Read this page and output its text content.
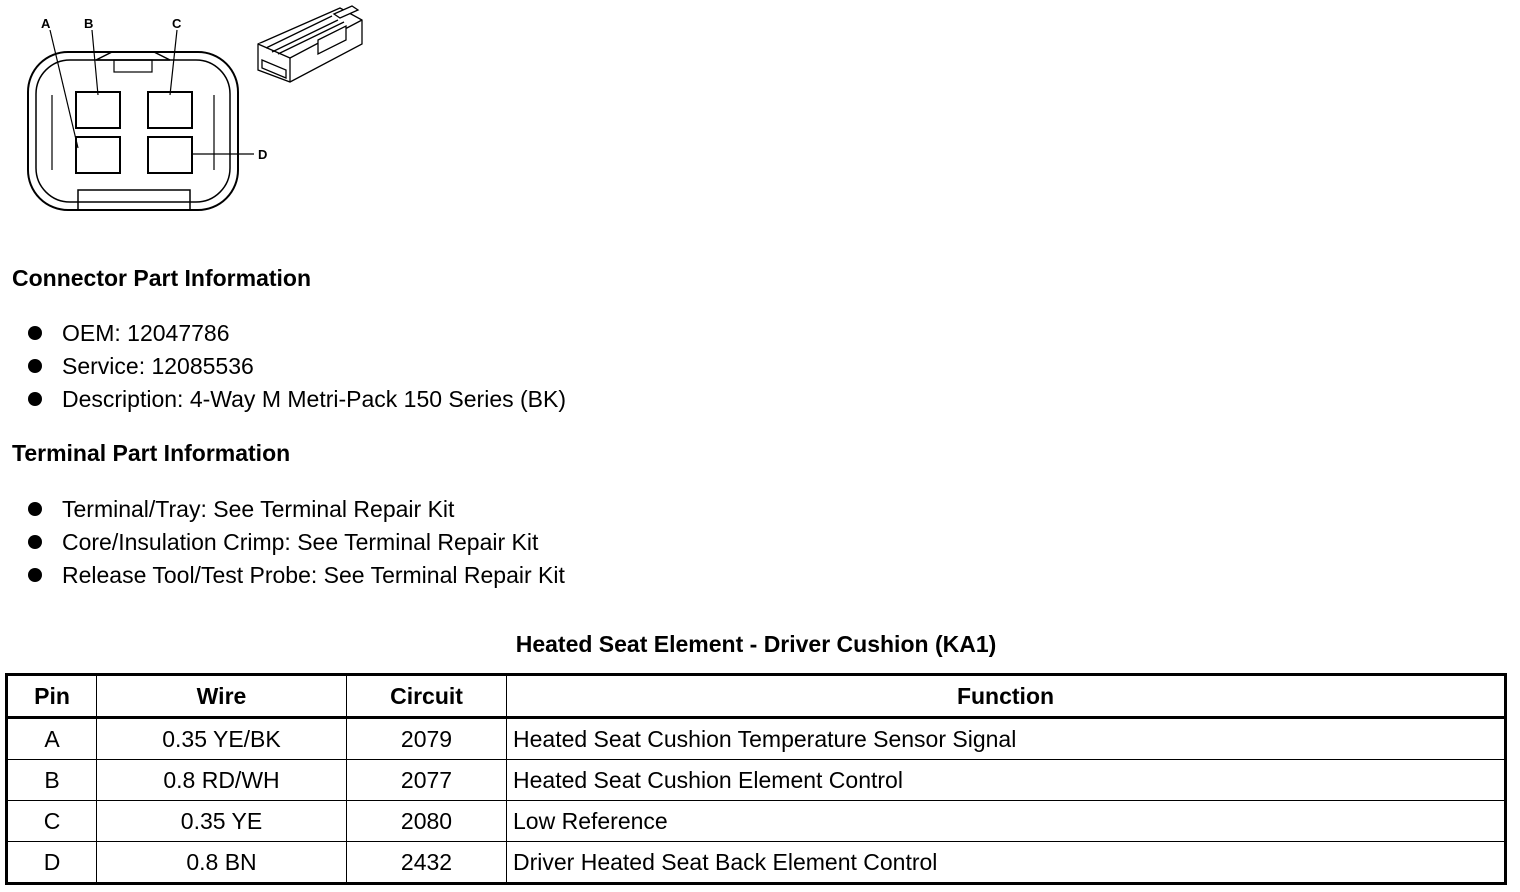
A	B	C
D
Connector Part Information
OEM: 12047786
Service: 12085536
Description: 4-Way M Metri-Pack 150 Series (BK)
Terminal Part Information
Terminal/Tray: See Terminal Repair Kit
Core/Insulation Crimp: See Terminal Repair Kit
Release Tool/Test Probe: See Terminal Repair Kit
Heated Seat Element - Driver Cushion (KA1)
Pin	Wire	Circuit	Function
A	0.35 YE/BK	2079	Heated Seat Cushion Temperature Sensor Signal
B	0.8 RD/WH	2077	Heated Seat Cushion Element Control
C	0.35 YE	2080	Low Reference
D	0.8 BN	2432	Driver Heated Seat Back Element Control
